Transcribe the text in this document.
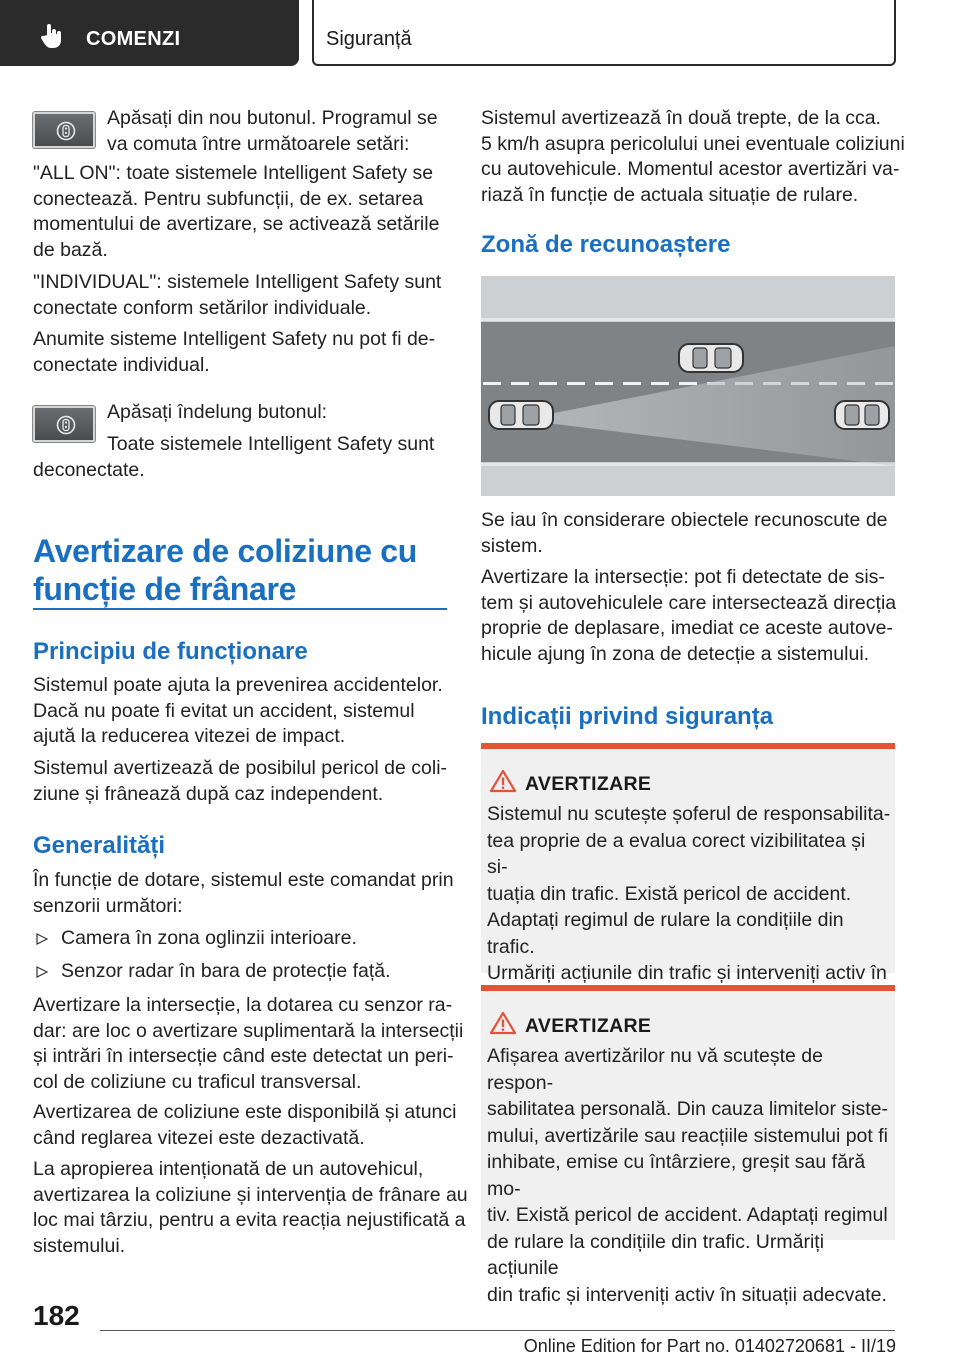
COMENZI	Siguranță
Apăsați din nou butonul. Programul se
va comuta între următoarele setări:
"ALL ON": toate sistemele Intelligent Safety se
conectează. Pentru subfuncții, de ex. setarea
momentului de avertizare, se activează setările
de bază.
"INDIVIDUAL": sistemele Intelligent Safety sunt
conectate conform setărilor individuale.
Anumite sisteme Intelligent Safety nu pot fi de-
conectate individual.
Apăsați îndelung butonul:
Toate sistemele Intelligent Safety sunt
deconectate.
Avertizare de coliziune cu
funcție de frânare
Principiu de funcționare
Sistemul poate ajuta la prevenirea accidentelor.
Dacă nu poate fi evitat un accident, sistemul
ajută la reducerea vitezei de impact.
Sistemul avertizează de posibilul pericol de coli-
ziune și frânează după caz independent.
Generalități
În funcție de dotare, sistemul este comandat prin
senzorii următori:
Camera în zona oglinzii interioare.
Senzor radar în bara de protecție față.
Avertizare la intersecție, la dotarea cu senzor ra-
dar: are loc o avertizare suplimentară la intersecții
și intrări în intersecție când este detectat un peri-
col de coliziune cu traficul transversal.
Avertizarea de coliziune este disponibilă și atunci
când reglarea vitezei este dezactivată.
La apropierea intenționată de un autovehicul,
avertizarea la coliziune și intervenția de frânare au
loc mai târziu, pentru a evita reacția nejustificată a
sistemului.
Sistemul avertizează în două trepte, de la cca.
5 km/h asupra pericolului unei eventuale coliziuni
cu autovehicule. Momentul acestor avertizări va-
riază în funcție de actuala situație de rulare.
Zonă de recunoaștere
Se iau în considerare obiectele recunoscute de
sistem.
Avertizare la intersecție: pot fi detectate de sis-
tem și autovehiculele care intersectează direcția
proprie de deplasare, imediat ce aceste autove-
hicule ajung în zona de detecție a sistemului.
Indicații privind siguranța
AVERTIZARE
Sistemul nu scutește șoferul de responsabilita-
tea proprie de a evalua corect vizibilitatea și si-
tuația din trafic. Există pericol de accident.
Adaptați regimul de rulare la condițiile din trafic.
Urmăriți acțiunile din trafic și interveniți activ în
AVERTIZARE
Afișarea avertizărilor nu vă scutește de respon-
sabilitatea personală. Din cauza limitelor siste-
mului, avertizările sau reacțiile sistemului pot fi
inhibate, emise cu întârziere, greșit sau fără mo-
tiv. Există pericol de accident. Adaptați regimul
de rulare la condițiile din trafic. Urmăriți acțiunile
din trafic și interveniți activ în situații adecvate.
182
Online Edition for Part no. 01402720681 - II/19
